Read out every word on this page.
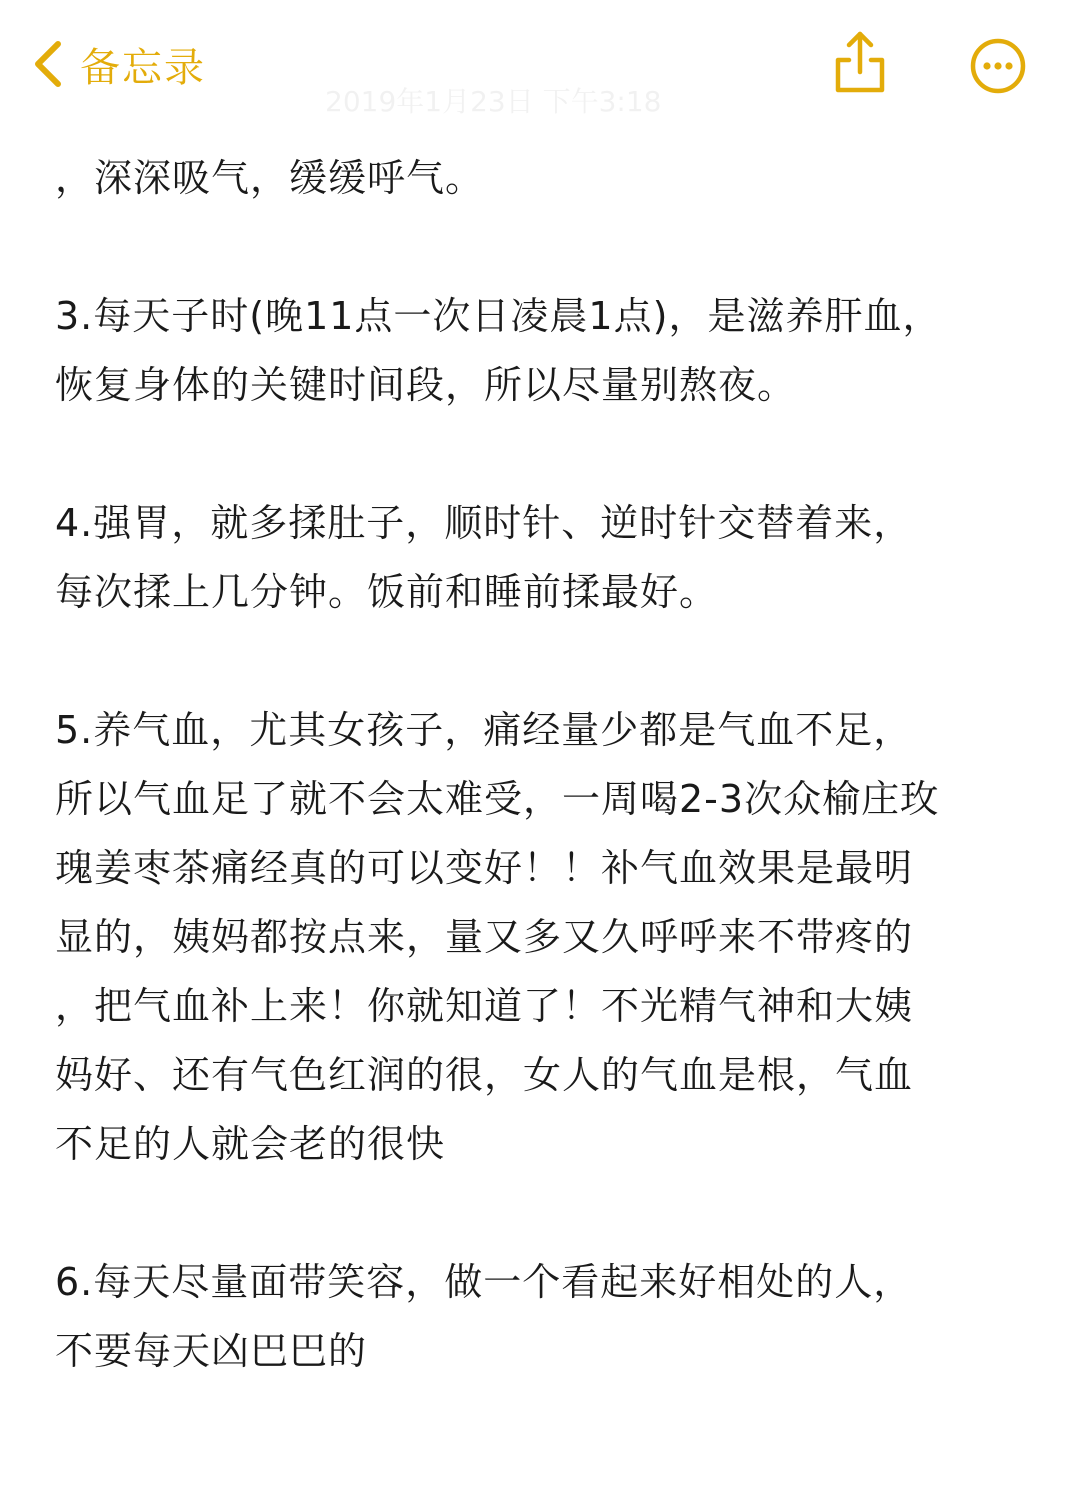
备忘录
2019年1月23日 下午3:18

，深深吸气，缓缓呼气。

3.每天子时(晚11点一次日凌晨1点)，是滋养肝血，
恢复身体的关键时间段，所以尽量别熬夜。

4.强胃，就多揉肚子，顺时针、逆时针交替着来，
每次揉上几分钟。饭前和睡前揉最好。

5.养气血，尤其女孩子，痛经量少都是气血不足，
所以气血足了就不会太难受，一周喝2-3次众榆庄玫
瑰姜枣茶痛经真的可以变好！！补气血效果是最明
显的，姨妈都按点来，量又多又久呼呼来不带疼的
，把气血补上来！你就知道了！不光精气神和大姨
妈好、还有气色红润的很，女人的气血是根，气血
不足的人就会老的很快

6.每天尽量面带笑容，做一个看起来好相处的人，
不要每天凶巴巴的
